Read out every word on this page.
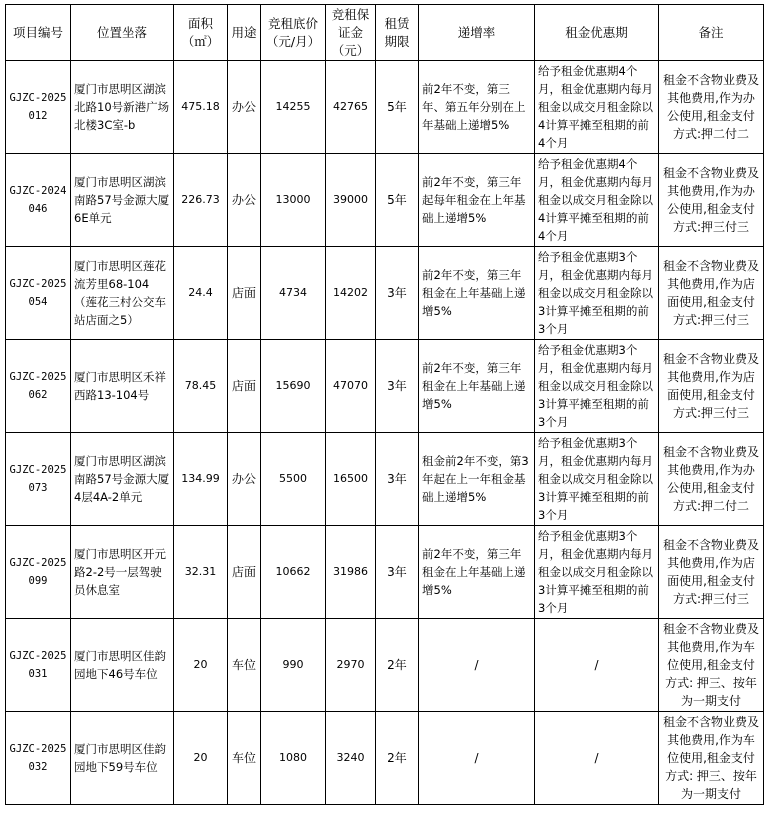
项目编号	位置坐落	面积（㎡）	用途	竞租底价（元/月）	竞租保证金（元）	租赁期限	递增率	租金优惠期	备注
GJZC-2025012	厦门市思明区湖滨北路10号新港广场北楼3C室-b	475.18	办公	14255	42765	5年	前2年不变，第三年、第五年分别在上年基础上递增5%	给予租金优惠期4个月，租金优惠期内每月租金以成交月租金除以4计算平摊至租期的前4个月	租金不含物业费及其他费用,作为办公使用,租金支付方式:押二付二
GJZC-2024046	厦门市思明区湖滨南路57号金源大厦6E单元	226.73	办公	13000	39000	5年	前2年不变，第三年起每年租金在上年基础上递增5%	给予租金优惠期4个月，租金优惠期内每月租金以成交月租金除以4计算平摊至租期的前4个月	租金不含物业费及其他费用,作为办公使用,租金支付方式:押三付三
GJZC-2025054	厦门市思明区莲花流芳里68-104（莲花三村公交车站店面之5）	24.4	店面	4734	14202	3年	前2年不变，第三年租金在上年基础上递增5%	给予租金优惠期3个月，租金优惠期内每月租金以成交月租金除以3计算平摊至租期的前3个月	租金不含物业费及其他费用,作为店面使用,租金支付方式:押三付三
GJZC-2025062	厦门市思明区禾祥西路13-104号	78.45	店面	15690	47070	3年	前2年不变，第三年租金在上年基础上递增5%	给予租金优惠期3个月，租金优惠期内每月租金以成交月租金除以3计算平摊至租期的前3个月	租金不含物业费及其他费用,作为店面使用,租金支付方式:押三付三
GJZC-2025073	厦门市思明区湖滨南路57号金源大厦4层4A-2单元	134.99	办公	5500	16500	3年	租金前2年不变，第3年起在上一年租金基础上递增5%	给予租金优惠期3个月，租金优惠期内每月租金以成交月租金除以3计算平摊至租期的前3个月	租金不含物业费及其他费用,作为办公使用,租金支付方式:押二付二
GJZC-2025099	厦门市思明区开元路2-2号一层驾驶员休息室	32.31	店面	10662	31986	3年	前2年不变，第三年租金在上年基础上递增5%	给予租金优惠期3个月，租金优惠期内每月租金以成交月租金除以3计算平摊至租期的前3个月	租金不含物业费及其他费用,作为店面使用,租金支付方式:押三付三
GJZC-2025031	厦门市思明区佳韵园地下46号车位	20	车位	990	2970	2年	/	/	租金不含物业费及其他费用,作为车位使用,租金支付方式: 押三、按年为一期支付
GJZC-2025032	厦门市思明区佳韵园地下59号车位	20	车位	1080	3240	2年	/	/	租金不含物业费及其他费用,作为车位使用,租金支付方式: 押三、按年为一期支付
